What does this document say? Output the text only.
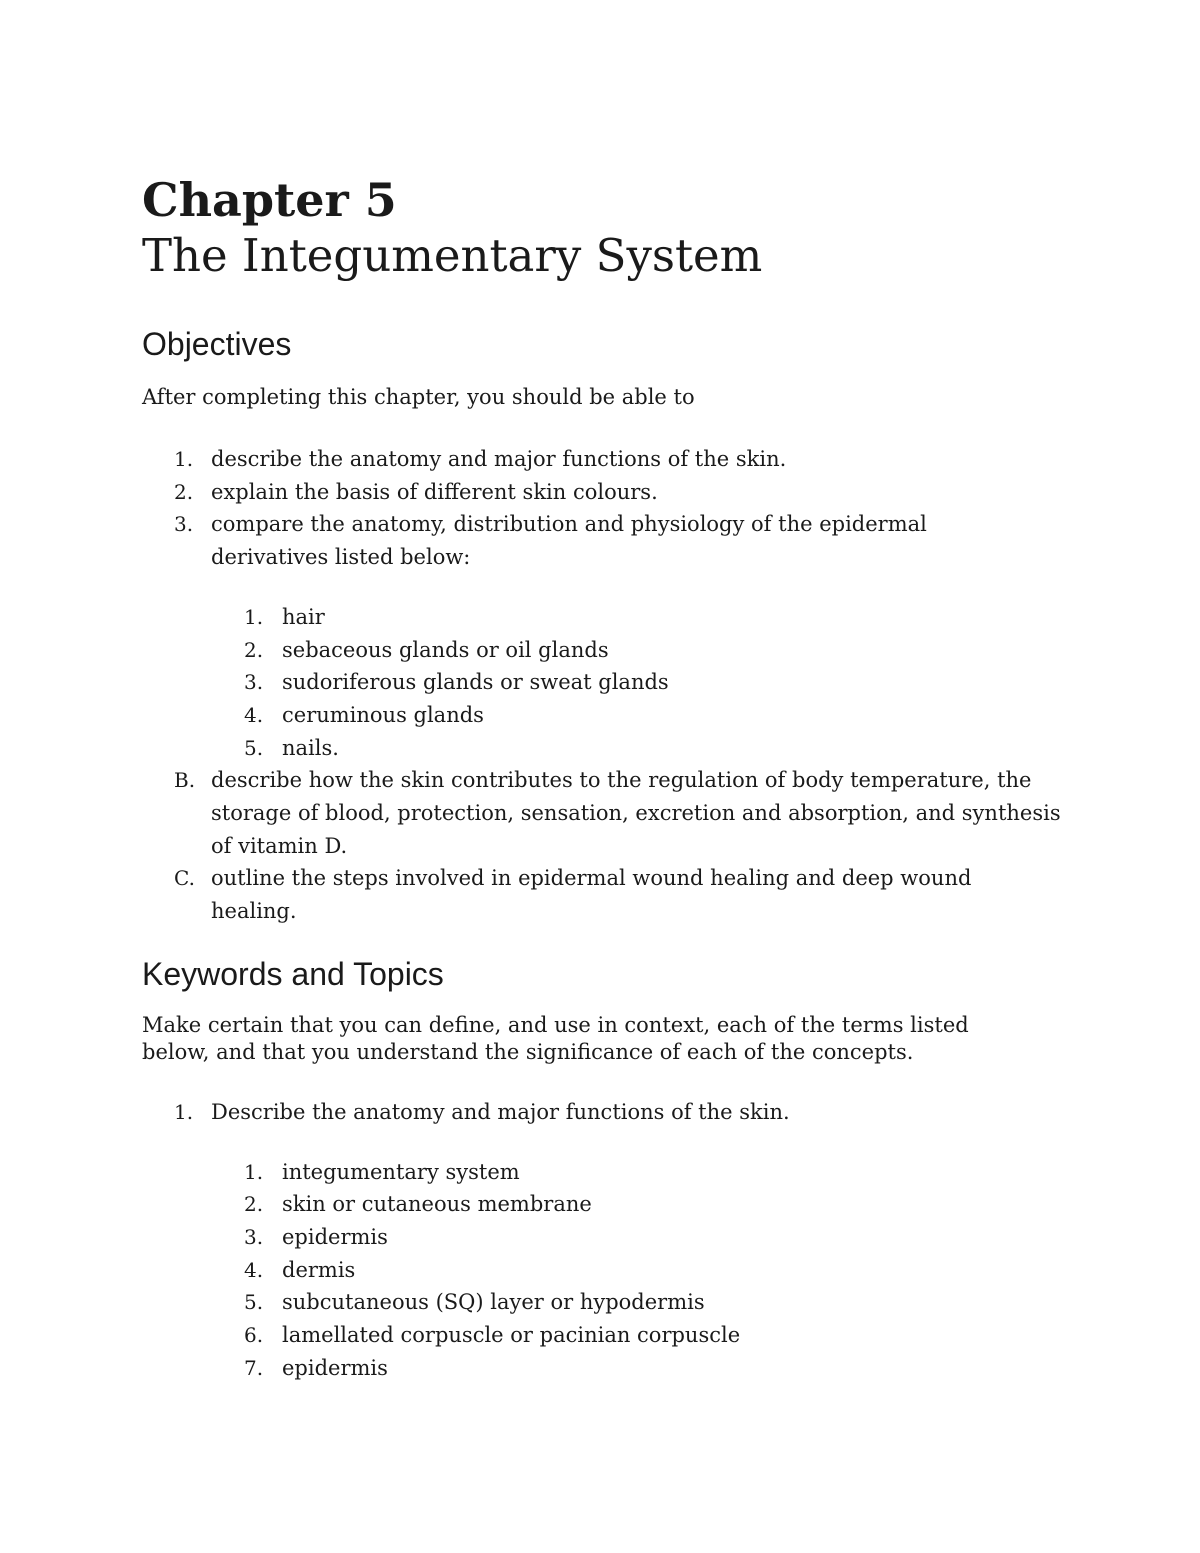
Chapter 5
The Integumentary System
Objectives

After completing this chapter, you should be able to

1. describe the anatomy and major functions of the skin.
2. explain the basis of different skin colours.
3. compare the anatomy, distribution and physiology of the epidermal derivatives listed below:
1. hair
2. sebaceous glands or oil glands
3. sudoriferous glands or sweat glands
4. ceruminous glands
5. nails.
B. describe how the skin contributes to the regulation of body temperature, the storage of blood, protection, sensation, excretion and absorption, and synthesis of vitamin D.
C. outline the steps involved in epidermal wound healing and deep wound healing.
Keywords and Topics

Make certain that you can define, and use in context, each of the terms listed below, and that you understand the significance of each of the concepts.

1. Describe the anatomy and major functions of the skin.
1. integumentary system
2. skin or cutaneous membrane
3. epidermis
4. dermis
5. subcutaneous (SQ) layer or hypodermis
6. lamellated corpuscle or pacinian corpuscle
7. epidermis
